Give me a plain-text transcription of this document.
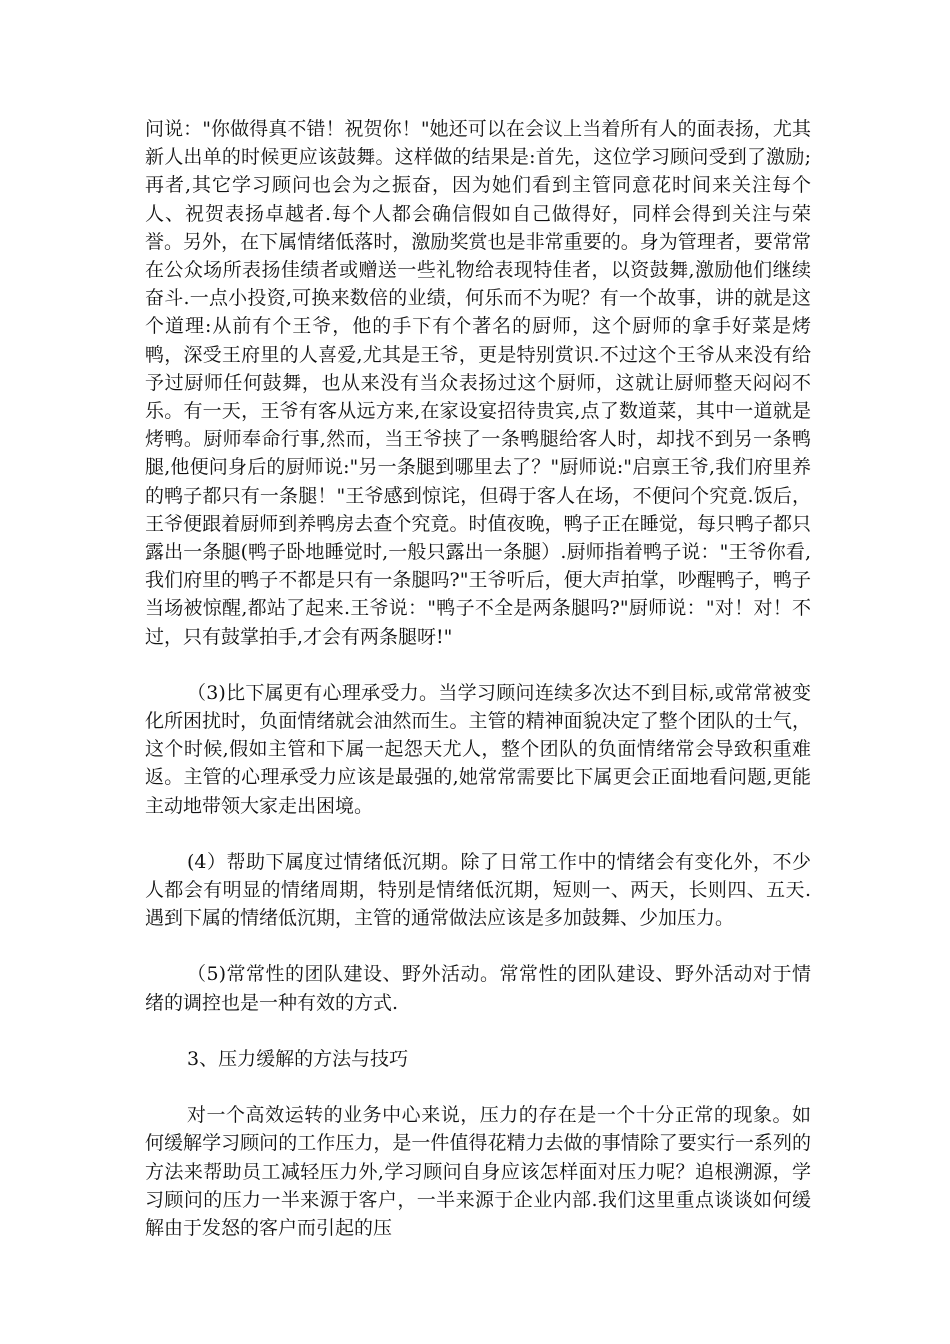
问说："你做得真不错！祝贺你！"她还可以在会议上当着所有人的面表扬，尤其新人出单的时候更应该鼓舞。这样做的结果是:首先，这位学习顾问受到了激励;再者,其它学习顾问也会为之振奋，因为她们看到主管同意花时间来关注每个人、祝贺表扬卓越者.每个人都会确信假如自己做得好，同样会得到关注与荣誉。另外，在下属情绪低落时，激励奖赏也是非常重要的。身为管理者，要常常在公众场所表扬佳绩者或赠送一些礼物给表现特佳者，以资鼓舞,激励他们继续奋斗.一点小投资,可换来数倍的业绩，何乐而不为呢？有一个故事，讲的就是这个道理:从前有个王爷，他的手下有个著名的厨师，这个厨师的拿手好菜是烤鸭，深受王府里的人喜爱,尤其是王爷，更是特别赏识.不过这个王爷从来没有给予过厨师任何鼓舞，也从来没有当众表扬过这个厨师，这就让厨师整天闷闷不乐。有一天，王爷有客从远方来,在家设宴招待贵宾,点了数道菜，其中一道就是烤鸭。厨师奉命行事,然而，当王爷挟了一条鸭腿给客人时，却找不到另一条鸭腿,他便问身后的厨师说:"另一条腿到哪里去了？"厨师说:"启禀王爷,我们府里养的鸭子都只有一条腿！"王爷感到惊诧，但碍于客人在场，不便问个究竟.饭后，王爷便跟着厨师到养鸭房去查个究竟。时值夜晚，鸭子正在睡觉，每只鸭子都只露出一条腿(鸭子卧地睡觉时,一般只露出一条腿）.厨师指着鸭子说："王爷你看,我们府里的鸭子不都是只有一条腿吗?"王爷听后，便大声拍掌，吵醒鸭子，鸭子当场被惊醒,都站了起来.王爷说："鸭子不全是两条腿吗?"厨师说："对！对！不过，只有鼓掌拍手,才会有两条腿呀!"

（3)比下属更有心理承受力。当学习顾问连续多次达不到目标,或常常被变化所困扰时，负面情绪就会油然而生。主管的精神面貌决定了整个团队的士气，这个时候,假如主管和下属一起怨天尤人，整个团队的负面情绪常会导致积重难返。主管的心理承受力应该是最强的,她常常需要比下属更会正面地看问题,更能主动地带领大家走出困境。

(4）帮助下属度过情绪低沉期。除了日常工作中的情绪会有变化外，不少人都会有明显的情绪周期，特别是情绪低沉期，短则一、两天，长则四、五天.遇到下属的情绪低沉期，主管的通常做法应该是多加鼓舞、少加压力。

（5)常常性的团队建设、野外活动。常常性的团队建设、野外活动对于情绪的调控也是一种有效的方式.

3、压力缓解的方法与技巧

对一个高效运转的业务中心来说，压力的存在是一个十分正常的现象。如何缓解学习顾问的工作压力，是一件值得花精力去做的事情除了要实行一系列的方法来帮助员工减轻压力外,学习顾问自身应该怎样面对压力呢？追根溯源，学习顾问的压力一半来源于客户，一半来源于企业内部.我们这里重点谈谈如何缓解由于发怒的客户而引起的压
